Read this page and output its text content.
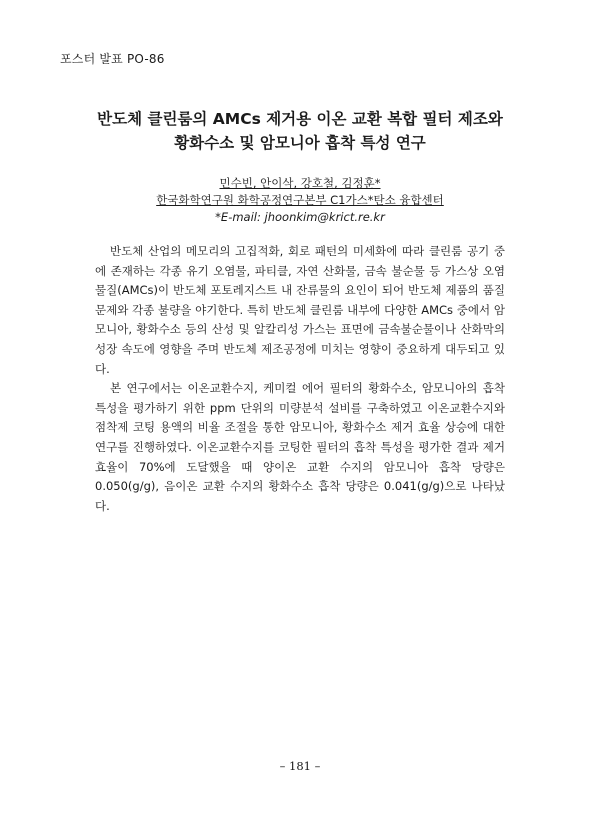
포스터 발표 PO-86
반도체 클린룸의 AMCs 제거용 이온 교환 복합 필터 제조와
황화수소 및 암모니아 흡착 특성 연구
민수빈, 안이삭, 강호철, 김정훈*
한국화학연구원 화학공정연구본부 C1가스*탄소 융합센터
*E-mail: jhoonkim@krict.re.kr

반도체 산업의 메모리의 고집적화, 회로 패턴의 미세화에 따라 클린룸 공기 중에 존재하는 각종 유기 오염물, 파티클, 자연 산화물, 금속 불순물 등 가스상 오염물질(AMCs)이 반도체 포토레지스트 내 잔류물의 요인이 되어 반도체 제품의 품질 문제와 각종 불량을 야기한다. 특히 반도체 클린룸 내부에 다양한 AMCs 중에서 암모니아, 황화수소 등의 산성 및 알칼리성 가스는 표면에 금속불순물이나 산화막의 성장 속도에 영향을 주며 반도체 제조공정에 미치는 영향이 중요하게 대두되고 있다.

본 연구에서는 이온교환수지, 케미컬 에어 필터의 황화수소, 암모니아의 흡착 특성을 평가하기 위한 ppm 단위의 미량분석 설비를 구축하였고 이온교환수지와 점착제 코팅 용액의 비율 조절을 통한 암모니아, 황화수소 제거 효율 상승에 대한 연구를 진행하였다. 이온교환수지를 코팅한 필터의 흡착 특성을 평가한 결과 제거 효율이 70%에 도달했을 때 양이온 교환 수지의 암모니아 흡착 당량은 0.050(g/g), 음이온 교환 수지의 황화수소 흡착 당량은 0.041(g/g)으로 나타났다.

– 181 –
